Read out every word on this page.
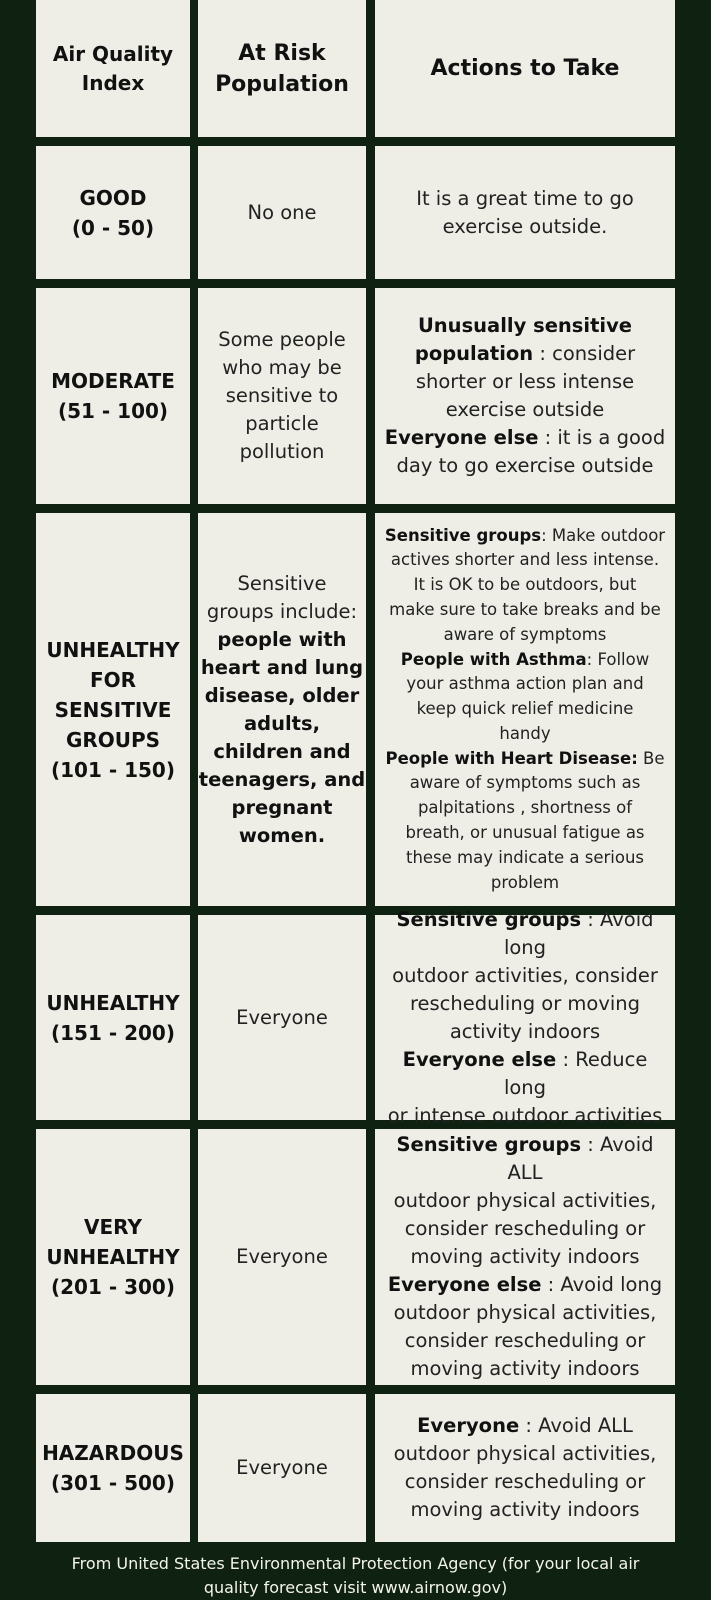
Air Quality
Index
At Risk
Population
Actions to Take
GOOD
(0 - 50)
No one
It is a great time to go
exercise outside.
MODERATE
(51 - 100)
Some people
who may be
sensitive to
particle
pollution
Unusually sensitive
population : consider
shorter or less intense
exercise outside
Everyone else : it is a good
day to go exercise outside
UNHEALTHY
FOR
SENSITIVE
GROUPS
(101 - 150)
Sensitive
groups include:
people with
heart and lung
disease, older
adults,
children and
teenagers, and
pregnant
women.
Sensitive groups: Make outdoor
actives shorter and less intense.
It is OK to be outdoors, but
make sure to take breaks and be
aware of symptoms
People with Asthma: Follow
your asthma action plan and
keep quick relief medicine
handy
People with Heart Disease: Be
aware of symptoms such as
palpitations , shortness of
breath, or unusual fatigue as
these may indicate a serious
problem
UNHEALTHY
(151 - 200)
Everyone
Sensitive groups : Avoid long
outdoor activities, consider
rescheduling or moving
activity indoors
Everyone else : Reduce long
or intense outdoor activities
VERY
UNHEALTHY
(201 - 300)
Everyone
Sensitive groups : Avoid ALL
outdoor physical activities,
consider rescheduling or
moving activity indoors
Everyone else : Avoid long
outdoor physical activities,
consider rescheduling or
moving activity indoors
HAZARDOUS
(301 - 500)
Everyone
Everyone : Avoid ALL
outdoor physical activities,
consider rescheduling or
moving activity indoors
From United States Environmental Protection Agency (for your local air
quality forecast visit www.airnow.gov)
